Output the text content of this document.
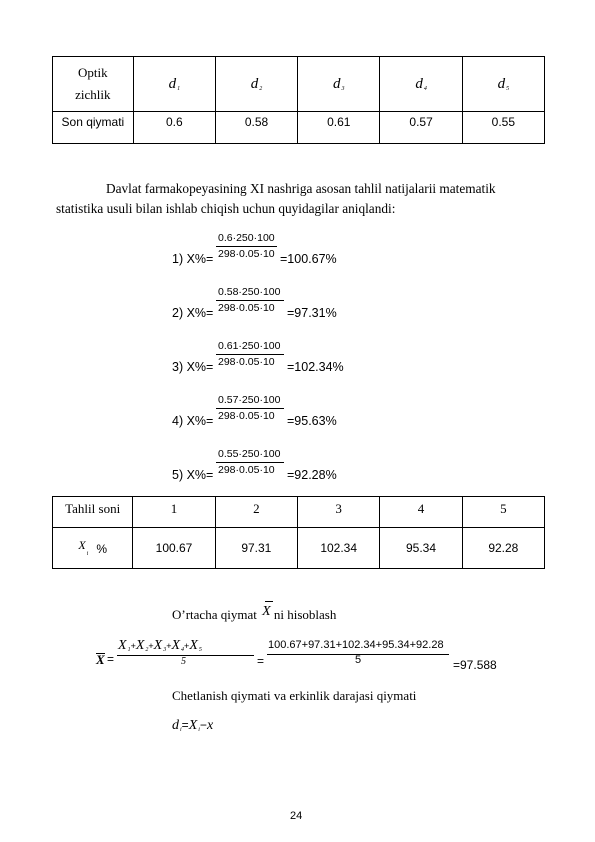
Optik zichlik	$d_1$	$d_2$	$d_3$	$d_4$	$d_5$
Son qiymati	0.6	0.58	0.61	0.57	0.55
Davlat farmakopeyasining XI nashriga asosan tahlil natijalarii matematik
statistika usuli bilan ishlab chiqish uchun quyidagilar aniqlandi:
0.6·250·100
298·0.05·10
1) X%=	=100.67%
0.58·250·100
298·0.05·10
2) X%=	=97.31%
0.61·250·100
298·0.05·10
3) X%=	=102.34%
0.57·250·100
298·0.05·10
4) X%=	=95.63%
0.55·250·100
298·0.05·10
5) X%=	=92.28%
Tahlil soni	1	2	3	4	5
$^X_i$ %	100.67	97.31	102.34	95.34	92.28
O’rtacha qiymat X ni hisoblash
X =
$X_1+X_2+X_3+X_4+X_5$
5	=
100.67+97.31+102.34+95.34+92.28
5	=97.588
Chetlanish qiymati va erkinlik darajasi qiymati
$d_i=X_i-x$
24
